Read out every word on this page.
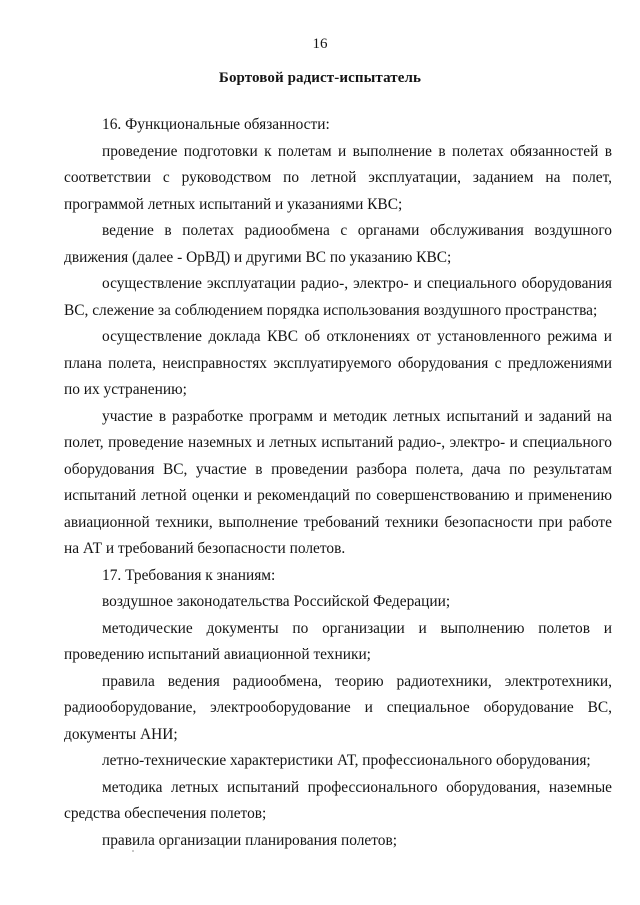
16
Бортовой радист-испытатель

16. Функциональные обязанности:

проведение подготовки к полетам и выполнение в полетах обязанностей в соответствии с руководством по летной эксплуатации, заданием на полет, программой летных испытаний и указаниями КВС;

ведение в полетах радиообмена с органами обслуживания воздушного движения (далее - ОрВД) и другими ВС по указанию КВС;

осуществление эксплуатации радио-, электро- и специального оборудования ВС, слежение за соблюдением порядка использования воздушного пространства;

осуществление доклада КВС об отклонениях от установленного режима и плана полета, неисправностях эксплуатируемого оборудования с предложениями по их устранению;

участие в разработке программ и методик летных испытаний и заданий на полет, проведение наземных и летных испытаний радио-, электро- и специального оборудования ВС, участие в проведении разбора полета, дача по результатам испытаний летной оценки и рекомендаций по совершенствованию и применению авиационной техники, выполнение требований техники безопасности при работе на АТ и требований безопасности полетов.

17. Требования к знаниям:

воздушное законодательства Российской Федерации;

методические документы по организации и выполнению полетов и проведению испытаний авиационной техники;

правила ведения радиообмена, теорию радиотехники, электротехники, радиооборудование, электрооборудование и специальное оборудование ВС, документы АНИ;

летно-технические характеристики АТ, профессионального оборудования;

методика летных испытаний профессионального оборудования, наземные средства обеспечения полетов;

правила организации планирования полетов;
